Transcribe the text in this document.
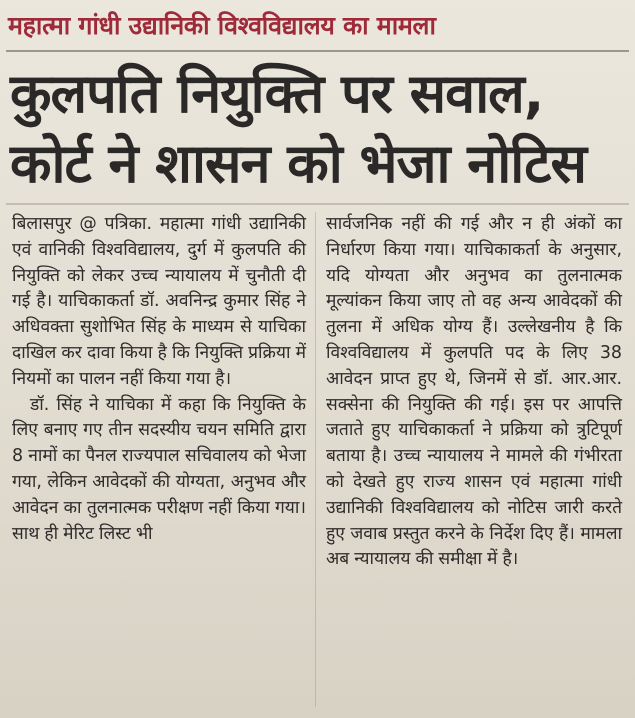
महात्मा गांधी उद्यानिकी विश्वविद्यालय का मामला
कुलपति नियुक्ति पर सवाल,
कोर्ट ने शासन को भेजा नोटिस

बिलासपुर @ पत्रिका. महात्मा गांधी उद्यानिकी एवं वानिकी विश्वविद्यालय, दुर्ग में कुलपति की नियुक्ति को लेकर उच्च न्यायालय में चुनौती दी गई है। याचिकाकर्ता डॉ. अवनिन्द्र कुमार सिंह ने अधिवक्ता सुशोभित सिंह के माध्यम से याचिका दाखिल कर दावा किया है कि नियुक्ति प्रक्रिया में नियमों का पालन नहीं किया गया है।

डॉ. सिंह ने याचिका में कहा कि नियुक्ति के लिए बनाए गए तीन सदस्यीय चयन समिति द्वारा 8 नामों का पैनल राज्यपाल सचिवालय को भेजा गया, लेकिन आवेदकों की योग्यता, अनुभव और आवेदन का तुलनात्मक परीक्षण नहीं किया गया। साथ ही मेरिट लिस्ट भी

सार्वजनिक नहीं की गई और न ही अंकों का निर्धारण किया गया। याचिकाकर्ता के अनुसार, यदि योग्यता और अनुभव का तुलनात्मक मूल्यांकन किया जाए तो वह अन्य आवेदकों की तुलना में अधिक योग्य हैं। उल्लेखनीय है कि विश्वविद्यालय में कुलपति पद के लिए 38 आवेदन प्राप्त हुए थे, जिनमें से डॉ. आर.आर. सक्सेना की नियुक्ति की गई। इस पर आपत्ति जताते हुए याचिकाकर्ता ने प्रक्रिया को त्रुटिपूर्ण बताया है। उच्च न्यायालय ने मामले की गंभीरता को देखते हुए राज्य शासन एवं महात्मा गांधी उद्यानिकी विश्वविद्यालय को नोटिस जारी करते हुए जवाब प्रस्तुत करने के निर्देश दिए हैं। मामला अब न्यायालय की समीक्षा में है।
